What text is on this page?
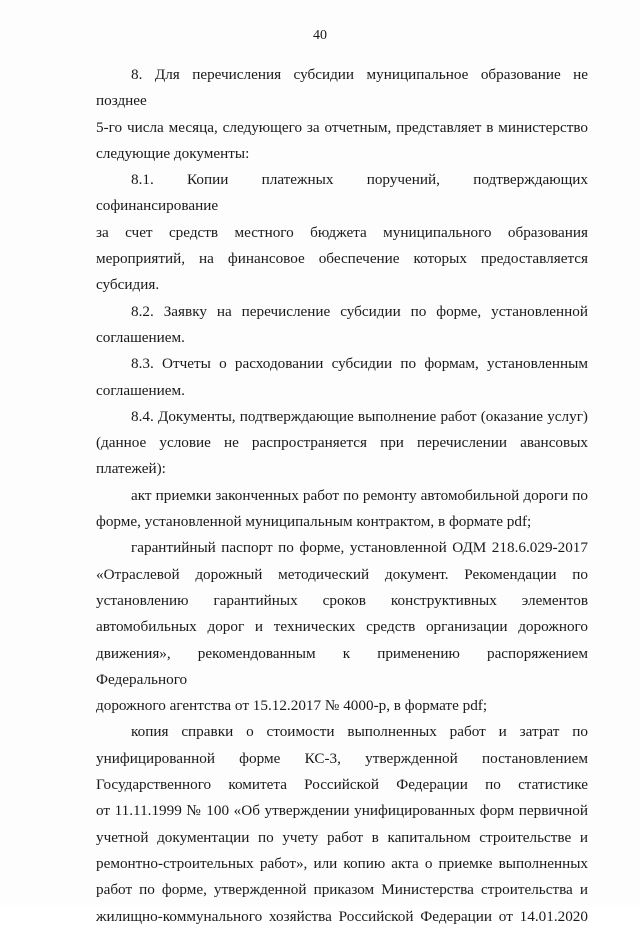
40

8. Для перечисления субсидии муниципальное образование не позднее
5-го числа месяца, следующего за отчетным, представляет в министерство
следующие документы:

8.1. Копии платежных поручений, подтверждающих софинансирование
за счет средств местного бюджета муниципального образования
мероприятий, на финансовое обеспечение которых предоставляется
субсидия.

8.2. Заявку на перечисление субсидии по форме, установленной
соглашением.

8.3. Отчеты о расходовании субсидии по формам, установленным
соглашением.

8.4. Документы, подтверждающие выполнение работ (оказание услуг)
(данное условие не распространяется при перечислении авансовых
платежей):

акт приемки законченных работ по ремонту автомобильной дороги по
форме, установленной муниципальным контрактом, в формате pdf;

гарантийный паспорт по форме, установленной ОДМ 218.6.029-2017
«Отраслевой дорожный методический документ. Рекомендации по
установлению гарантийных сроков конструктивных элементов
автомобильных дорог и технических средств организации дорожного
движения», рекомендованным к применению распоряжением Федерального
дорожного агентства от 15.12.2017 № 4000-р, в формате pdf;

копия справки о стоимости выполненных работ и затрат по
унифицированной форме КС-3, утвержденной постановлением
Государственного комитета Российской Федерации по статистике
от 11.11.1999 № 100 «Об утверждении унифицированных форм первичной
учетной документации по учету работ в капитальном строительстве и
ремонтно-строительных работ», или копию акта о приемке выполненных
работ по форме, утвержденной приказом Министерства строительства и
жилищно-коммунального хозяйства Российской Федерации от 14.01.2020
